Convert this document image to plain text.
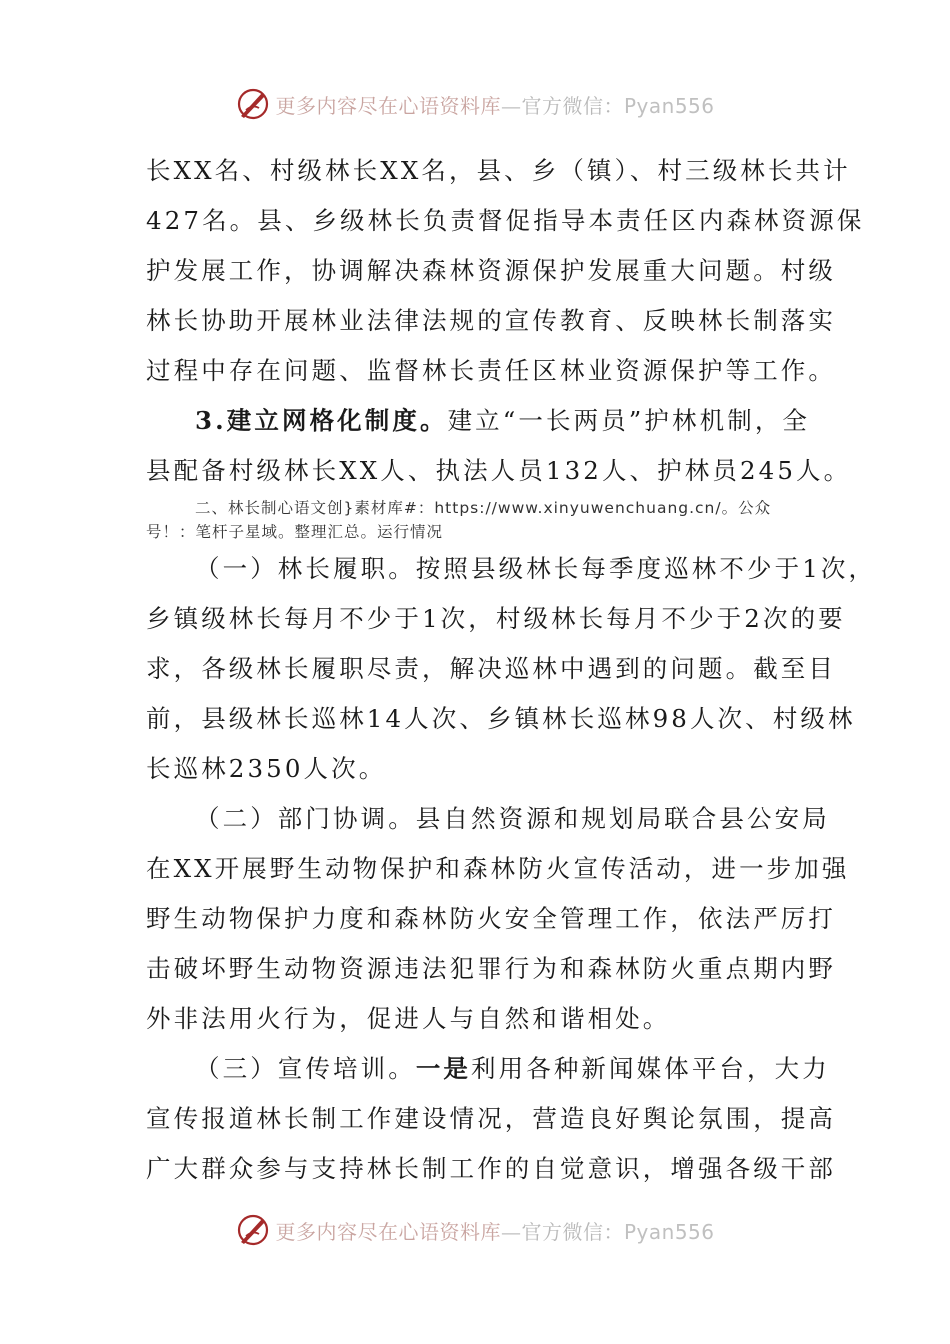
更多内容尽在心语资料库—官方微信：Pyan556
长XX名、村级林长XX名，县、乡（镇）、村三级林长共计
427名。县、乡级林长负责督促指导本责任区内森林资源保
护发展工作，协调解决森林资源保护发展重大问题。村级
林长协助开展林业法律法规的宣传教育、反映林长制落实
过程中存在问题、监督林长责任区林业资源保护等工作。
3.建立网格化制度。建立“一长两员”护林机制，全
县配备村级林长XX人、执法人员132人、护林员245人。
二、林长制心语文创}素材库#：https://www.xinyuwenchuang.cn/。公众
号！：笔杆子星域。整理汇总。运行情况
（一）林长履职。按照县级林长每季度巡林不少于1次，
乡镇级林长每月不少于1次，村级林长每月不少于2次的要
求，各级林长履职尽责，解决巡林中遇到的问题。截至目
前，县级林长巡林14人次、乡镇林长巡林98人次、村级林
长巡林2350人次。
（二）部门协调。县自然资源和规划局联合县公安局
在XX开展野生动物保护和森林防火宣传活动，进一步加强
野生动物保护力度和森林防火安全管理工作，依法严厉打
击破坏野生动物资源违法犯罪行为和森林防火重点期内野
外非法用火行为，促进人与自然和谐相处。
（三）宣传培训。一是利用各种新闻媒体平台，大力
宣传报道林长制工作建设情况，营造良好舆论氛围，提高
广大群众参与支持林长制工作的自觉意识，增强各级干部
更多内容尽在心语资料库—官方微信：Pyan556
